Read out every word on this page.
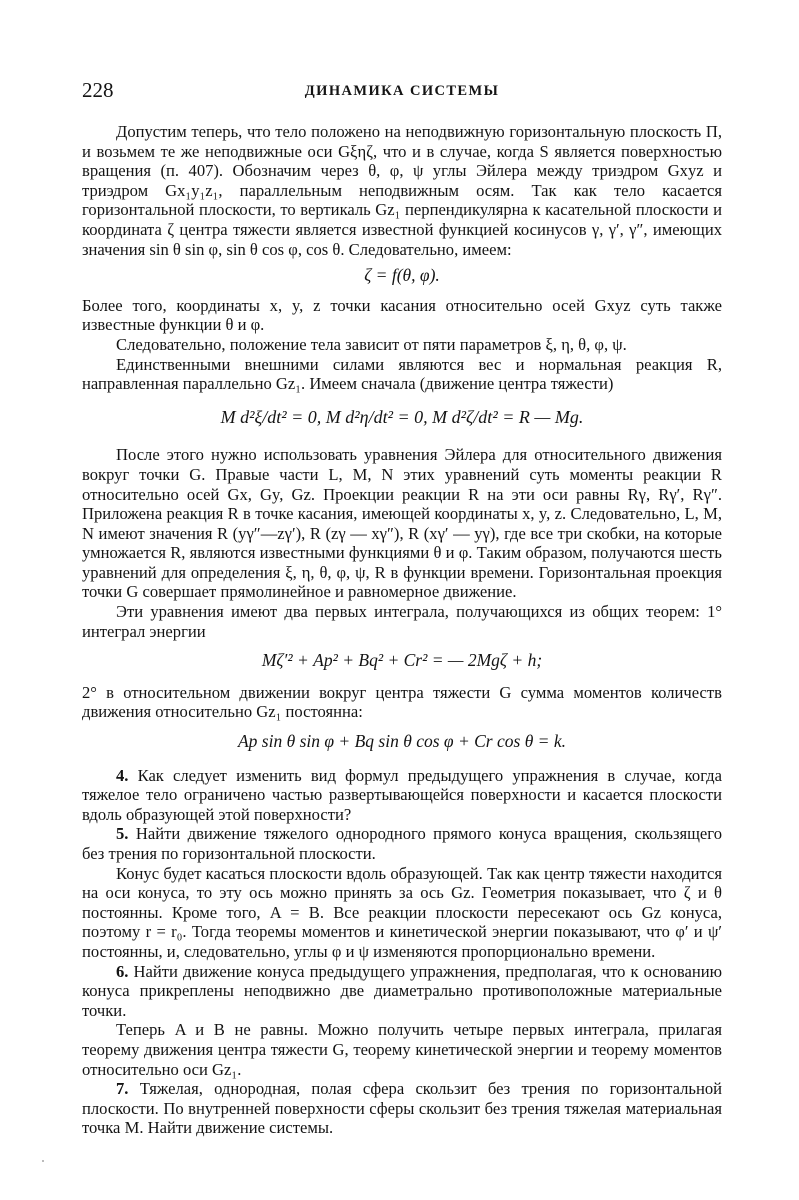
228	ДИНАМИКА СИСТЕМЫ

Допустим теперь, что тело положено на неподвижную горизонтальную плоскость Π, и возьмем те же неподвижные оси Gξηζ, что и в случае, когда S является поверхностью вращения (п. 407). Обозначим через θ, φ, ψ углы Эйлера между триэдром Gxyz и триэдром Gx₁y₁z₁, параллельным неподвижным осям. Так как тело касается горизонтальной плоскости, то вертикаль Gz₁ перпендикулярна к касательной плоскости и координата ζ центра тяжести является известной функцией косинусов γ, γ′, γ″, имеющих значения sin θ sin φ, sin θ cos φ, cos θ. Следовательно, имеем:

ζ = f(θ, φ).

Более того, координаты x, y, z точки касания относительно осей Gxyz суть также известные функции θ и φ.

Следовательно, положение тела зависит от пяти параметров ξ, η, θ, φ, ψ.

Единственными внешними силами являются вес и нормальная реакция R, направленная параллельно Gz₁. Имеем сначала (движение центра тяжести)

M d²ξ/dt² = 0, M d²η/dt² = 0, M d²ζ/dt² = R — Mg.

После этого нужно использовать уравнения Эйлера для относительного движения вокруг точки G. Правые части L, M, N этих уравнений суть моменты реакции R относительно осей Gx, Gy, Gz. Проекции реакции R на эти оси равны Rγ, Rγ′, Rγ″. Приложена реакция R в точке касания, имеющей координаты x, y, z. Следовательно, L, M, N имеют значения R (yγ″—zγ′), R (zγ — xγ″), R (xγ′ — yγ), где все три скобки, на которые умножается R, являются известными функциями θ и φ. Таким образом, получаются шесть уравнений для определения ξ, η, θ, φ, ψ, R в функции времени. Горизонтальная проекция точки G совершает прямолинейное и равномерное движение.

Эти уравнения имеют два первых интеграла, получающихся из общих теорем: 1° интеграл энергии

Mζ′² + Ap² + Bq² + Cr² = — 2Mgζ + h;

2° в относительном движении вокруг центра тяжести G сумма моментов количеств движения относительно Gz₁ постоянна:

Ap sin θ sin φ + Bq sin θ cos φ + Cr cos θ = k.

4. Как следует изменить вид формул предыдущего упражнения в случае, когда тяжелое тело ограничено частью развертывающейся поверхности и касается плоскости вдоль образующей этой поверхности?

5. Найти движение тяжелого однородного прямого конуса вращения, скользящего без трения по горизонтальной плоскости.

Конус будет касаться плоскости вдоль образующей. Так как центр тяжести находится на оси конуса, то эту ось можно принять за ось Gz. Геометрия показывает, что ζ и θ постоянны. Кроме того, A = B. Все реакции плоскости пересекают ось Gz конуса, поэтому r = r₀. Тогда теоремы моментов и кинетической энергии показывают, что φ′ и ψ′ постоянны, и, следовательно, углы φ и ψ изменяются пропорционально времени.

6. Найти движение конуса предыдущего упражнения, предполагая, что к основанию конуса прикреплены неподвижно две диаметрально противоположные материальные точки.

Теперь A и B не равны. Можно получить четыре первых интеграла, прилагая теорему движения центра тяжести G, теорему кинетической энергии и теорему моментов относительно оси Gz₁.

7. Тяжелая, однородная, полая сфера скользит без трения по горизонтальной плоскости. По внутренней поверхности сферы скользит без трения тяжелая материальная точка M. Найти движение системы.
